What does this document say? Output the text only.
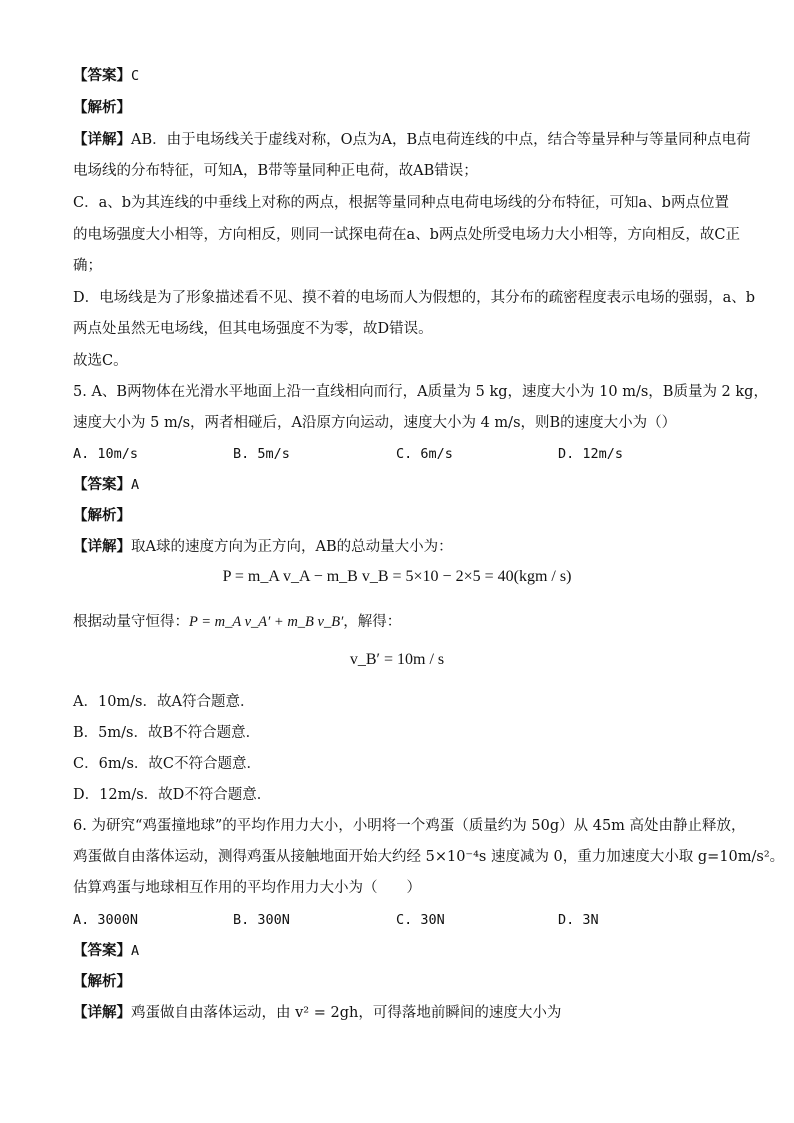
【答案】C
【解析】
【详解】AB．由于电场线关于虚线对称，O点为A，B点电荷连线的中点，结合等量异种与等量同种点电荷
电场线的分布特征，可知A，B带等量同种正电荷，故AB错误；
C．a、b为其连线的中垂线上对称的两点，根据等量同种点电荷电场线的分布特征，可知a、b两点位置
的电场强度大小相等，方向相反，则同一试探电荷在a、b两点处所受电场力大小相等，方向相反，故C正
确；
D．电场线是为了形象描述看不见、摸不着的电场而人为假想的，其分布的疏密程度表示电场的强弱，a、b
两点处虽然无电场线，但其电场强度不为零，故D错误。
故选C。
5. A、B两物体在光滑水平地面上沿一直线相向而行，A质量为 5 kg，速度大小为 10 m/s，B质量为 2 kg，
速度大小为 5 m/s，两者相碰后，A沿原方向运动，速度大小为 4 m/s，则B的速度大小为（）
A. 10m/s	B. 5m/s	C. 6m/s	D. 12m/s
【答案】A
【解析】
【详解】取A球的速度方向为正方向，AB的总动量大小为：
P = m_A v_A − m_B v_B = 5×10 − 2×5 = 40(kgm / s)
根据动量守恒得：P = m_A v_A′ + m_B v_B′，解得：
v_B′ = 10m / s
A．10m/s．故A符合题意．
B．5m/s．故B不符合题意．
C．6m/s．故C不符合题意．
D．12m/s．故D不符合题意．
6. 为研究“鸡蛋撞地球”的平均作用力大小，小明将一个鸡蛋（质量约为 50g）从 45m 高处由静止释放，
鸡蛋做自由落体运动，测得鸡蛋从接触地面开始大约经 5×10⁻⁴s 速度减为 0，重力加速度大小取 g=10m/s²。
估算鸡蛋与地球相互作用的平均作用力大小为（　　）
A. 3000N	B. 300N	C. 30N	D. 3N
【答案】A
【解析】
【详解】鸡蛋做自由落体运动，由 v² = 2gh，可得落地前瞬间的速度大小为
